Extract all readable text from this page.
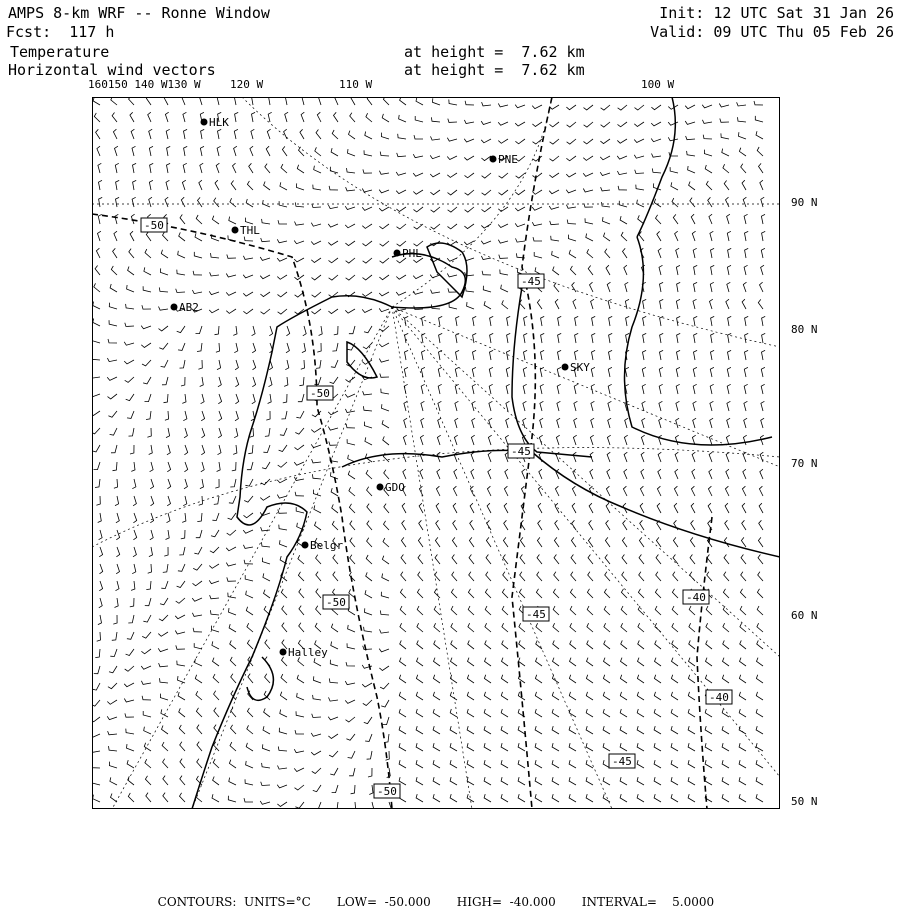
AMPS 8-km WRF -- Ronne Window
Fcst:  117 h
Init: 12 UTC Sat 31 Jan 26
Valid: 09 UTC Thu 05 Feb 26
Temperature
Horizontal wind vectors
at height =  7.62 km
at height =  7.62 km
160150 140 W130 W	120 W	110 W	100 W
90 N
80 N
70 N
60 N
50 N
HLK
PNE
THL
PHL
AB2
SKY
GDO
Belgr
Halley
-50
-45
-50
-45
-50
-45
-40
-40
-45
-50

CONTOURS:  UNITS=°C LOW=  -50.000 HIGH=  -40.000 INTERVAL=    5.0000
